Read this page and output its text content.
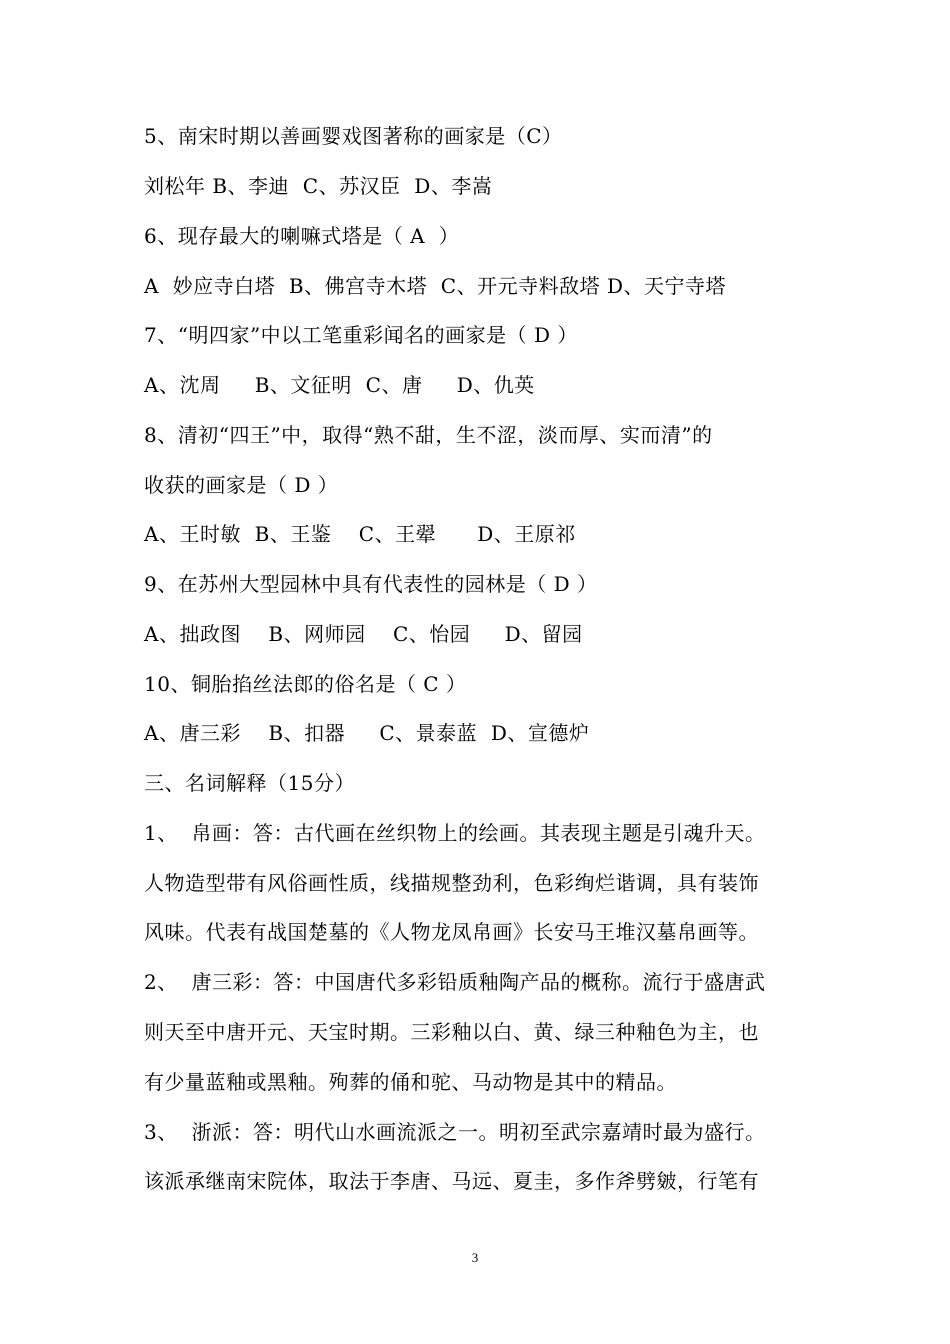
5、南宋时期以善画婴戏图著称的画家是（C）
刘松年 B、李迪  C、苏汉臣  D、李嵩
6、现存最大的喇嘛式塔是（ A  ）
A  妙应寺白塔  B、佛宫寺木塔  C、开元寺料敌塔 D、天宁寺塔
7、“明四家”中以工笔重彩闻名的画家是（ D ）
A、沈周     B、文征明  C、唐     D、仇英
8、清初“四王”中，取得“熟不甜，生不涩，淡而厚、实而清”的
收获的画家是（ D ）
A、王时敏  B、王鉴    C、王翚      D、王原祁
9、在苏州大型园林中具有代表性的园林是（ D ）
A、拙政图    B、网师园    C、怡园     D、留园
10、铜胎掐丝法郎的俗名是（ C ）
A、唐三彩    B、扣器     C、景泰蓝  D、宣德炉
三、名词解释（15分）
1、  帛画：答：古代画在丝织物上的绘画。其表现主题是引魂升天。
人物造型带有风俗画性质，线描规整劲利，色彩绚烂谐调，具有装饰
风味。代表有战国楚墓的《人物龙凤帛画》长安马王堆汉墓帛画等。
2、  唐三彩：答：中国唐代多彩铅质釉陶产品的概称。流行于盛唐武
则天至中唐开元、天宝时期。三彩釉以白、黄、绿三种釉色为主，也
有少量蓝釉或黑釉。殉葬的俑和驼、马动物是其中的精品。
3、  浙派：答：明代山水画流派之一。明初至武宗嘉靖时最为盛行。
该派承继南宋院体，取法于李唐、马远、夏圭，多作斧劈皴，行笔有
3
